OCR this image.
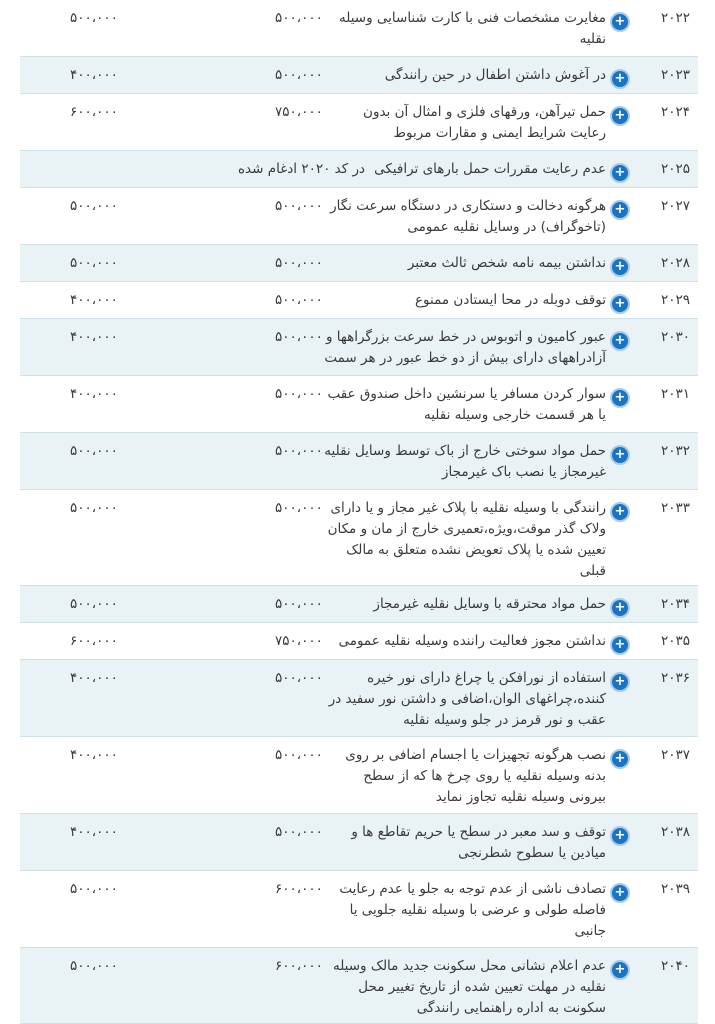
۲۰۲۲
+
مغایرت مشخصات فنی با کارت شناسایی وسیله نقلیه
۵۰۰،۰۰۰
۵۰۰،۰۰۰
۲۰۲۳
+
در آغوش داشتن اطفال در حین رانندگی
۵۰۰،۰۰۰
۴۰۰،۰۰۰
۲۰۲۴
+
حمل تیرآهن، ورقهای فلزی و امثال آن بدون رعایت شرایط ایمنی و مقارات مربوط
۷۵۰،۰۰۰
۶۰۰،۰۰۰
۲۰۲۵
+
عدم رعایت مقررات حمل بارهای ترافیکی
در کد ۲۰۲۰ ادغام شده
۲۰۲۷
+
هرگونه دخالت و دستکاری در دستگاه سرعت نگار (تاخوگراف) در وسایل نقلیه عمومی
۵۰۰،۰۰۰
۵۰۰،۰۰۰
۲۰۲۸
+
نداشتن بیمه نامه شخص ثالث معتبر
۵۰۰،۰۰۰
۵۰۰،۰۰۰
۲۰۲۹
+
توقف دوبله در محا ایستادن ممنوع
۵۰۰،۰۰۰
۴۰۰،۰۰۰
۲۰۳۰
+
عبور کامیون و اتوبوس در خط سرعت بزرگراهها و آزادراههای دارای بیش از دو خط عبور در هر سمت
۵۰۰،۰۰۰
۴۰۰،۰۰۰
۲۰۳۱
+
سوار کردن مسافر یا سرنشین داخل صندوق عقب یا هر قسمت خارجی وسیله نقلیه
۵۰۰،۰۰۰
۴۰۰،۰۰۰
۲۰۳۲
+
حمل مواد سوختی خارج از باک توسط وسایل نقلیه غیرمجاز یا نصب باک غیرمجاز
۵۰۰،۰۰۰
۵۰۰،۰۰۰
۲۰۳۳
+
رانندگی با وسیله نقلیه با پلاک غیر مجاز و یا دارای ولاک گذر موقت،ویژه،تعمیری خارج از مان و مکان تعیین شده یا پلاک تعویض نشده متعلق به مالک قبلی
۵۰۰،۰۰۰
۵۰۰،۰۰۰
۲۰۳۴
+
حمل مواد محترقه با وسایل نقلیه غیرمجاز
۵۰۰،۰۰۰
۵۰۰،۰۰۰
۲۰۳۵
+
نداشتن مجوز فعالیت راننده وسیله نقلیه عمومی
۷۵۰،۰۰۰
۶۰۰،۰۰۰
۲۰۳۶
+
استفاده از نورافکن یا چراغ دارای نور خیره کننده،چراغهای الوان،اضافی و داشتن نور سفید در عقب و نور قرمز در جلو وسیله نقلیه
۵۰۰،۰۰۰
۴۰۰،۰۰۰
۲۰۳۷
+
نصب هرگونه تجهیزات یا اجسام اضافی بر روی بدنه وسیله نقلیه یا روی چرخ ها که از سطح بیرونی وسیله نقلیه تجاوز نماید
۵۰۰،۰۰۰
۴۰۰،۰۰۰
۲۰۳۸
+
توقف و سد معبر در سطح یا حریم تقاطع ها و میادین یا سطوح شطرنجی
۵۰۰،۰۰۰
۴۰۰،۰۰۰
۲۰۳۹
+
تصادف ناشی از عدم توجه به جلو یا عدم رعایت فاصله طولی و عرضی با وسیله نقلیه جلویی یا جانبی
۶۰۰،۰۰۰
۵۰۰،۰۰۰
۲۰۴۰
+
عدم اعلام نشانی محل سکونت جدید مالک وسیله نقلیه در مهلت تعیین شده از تاریخ تغییر محل سکونت به اداره راهنمایی رانندگی
۶۰۰،۰۰۰
۵۰۰،۰۰۰
